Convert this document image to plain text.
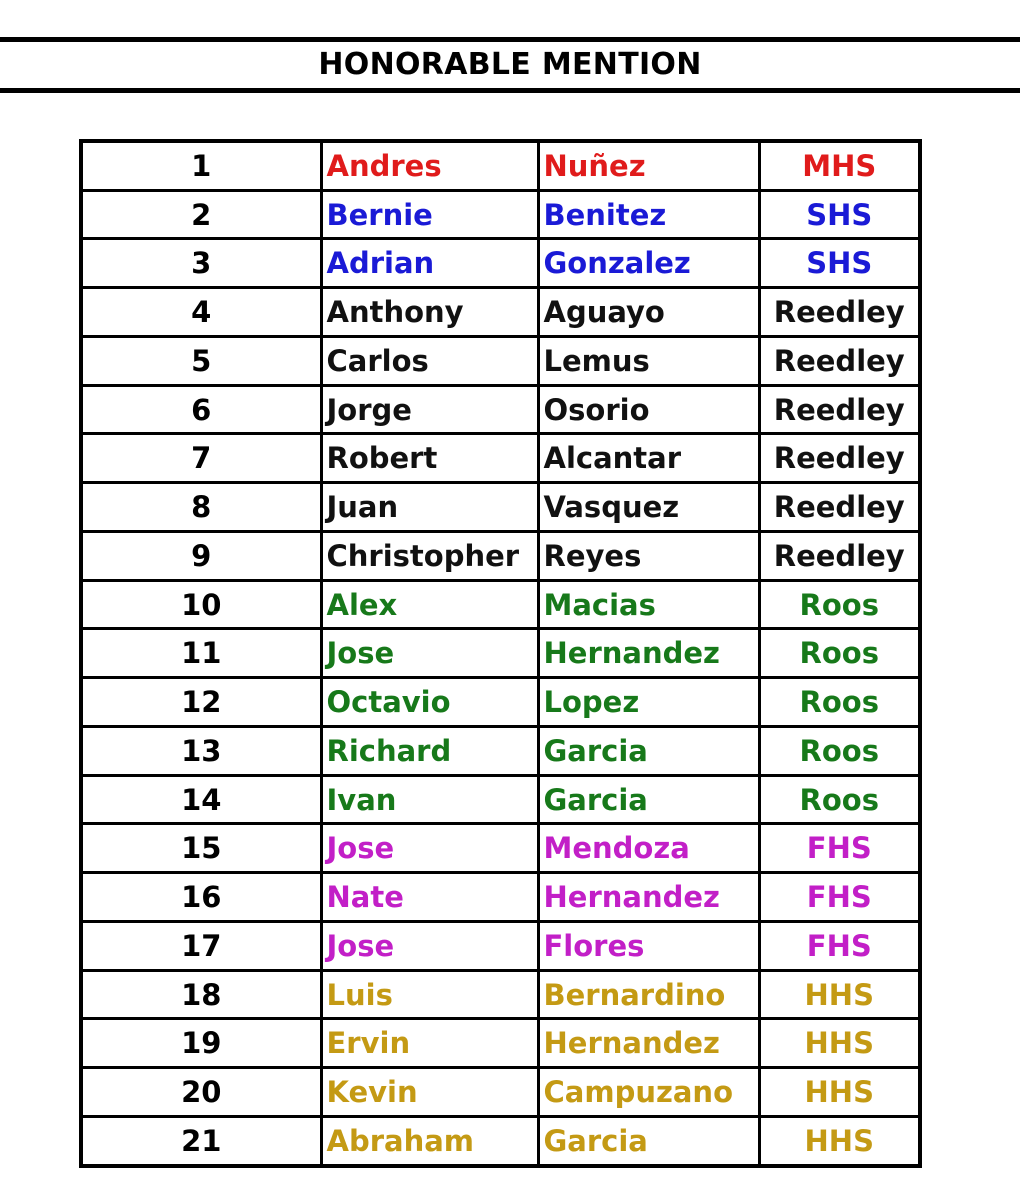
HONORABLE MENTION
1	Andres	Nuñez	MHS
2	Bernie	Benitez	SHS
3	Adrian	Gonzalez	SHS
4	Anthony	Aguayo	Reedley
5	Carlos	Lemus	Reedley
6	Jorge	Osorio	Reedley
7	Robert	Alcantar	Reedley
8	Juan	Vasquez	Reedley
9	Christopher	Reyes	Reedley
10	Alex	Macias	Roos
11	Jose	Hernandez	Roos
12	Octavio	Lopez	Roos
13	Richard	Garcia	Roos
14	Ivan	Garcia	Roos
15	Jose	Mendoza	FHS
16	Nate	Hernandez	FHS
17	Jose	Flores	FHS
18	Luis	Bernardino	HHS
19	Ervin	Hernandez	HHS
20	Kevin	Campuzano	HHS
21	Abraham	Garcia	HHS
